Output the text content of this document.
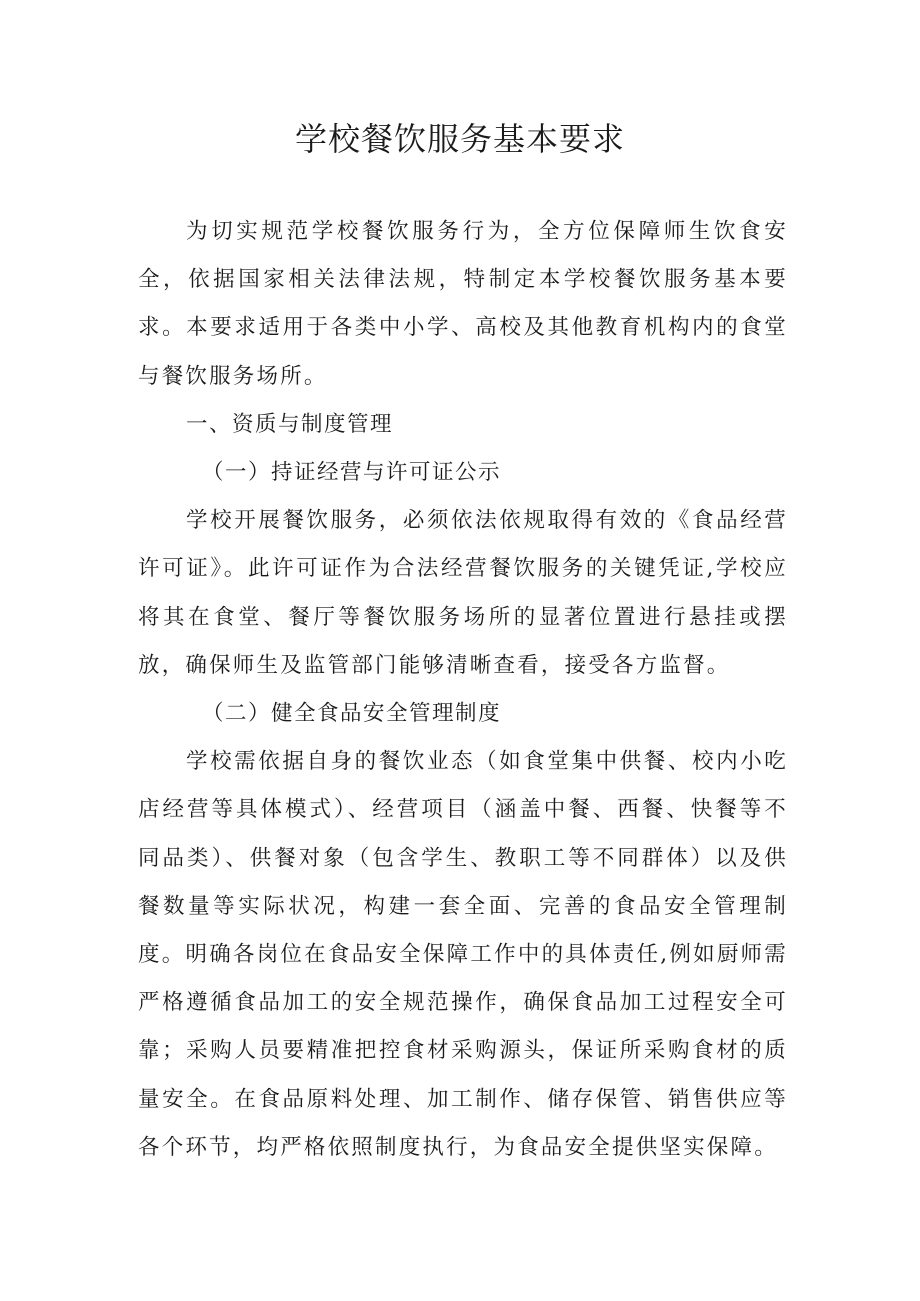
学校餐饮服务基本要求

为切实规范学校餐饮服务行为，全方位保障师生饮食安全，依据国家相关法律法规，特制定本学校餐饮服务基本要求。本要求适用于各类中小学、高校及其他教育机构内的食堂与餐饮服务场所。

一、资质与制度管理

（一）持证经营与许可证公示

学校开展餐饮服务，必须依法依规取得有效的《食品经营许可证》。此许可证作为合法经营餐饮服务的关键凭证,学校应将其在食堂、餐厅等餐饮服务场所的显著位置进行悬挂或摆放，确保师生及监管部门能够清晰查看，接受各方监督。

（二）健全食品安全管理制度

学校需依据自身的餐饮业态（如食堂集中供餐、校内小吃店经营等具体模式）、经营项目（涵盖中餐、西餐、快餐等不同品类）、供餐对象（包含学生、教职工等不同群体）以及供餐数量等实际状况，构建一套全面、完善的食品安全管理制度。明确各岗位在食品安全保障工作中的具体责任,例如厨师需严格遵循食品加工的安全规范操作，确保食品加工过程安全可靠；采购人员要精准把控食材采购源头，保证所采购食材的质量安全。在食品原料处理、加工制作、储存保管、销售供应等各个环节，均严格依照制度执行，为食品安全提供坚实保障。
